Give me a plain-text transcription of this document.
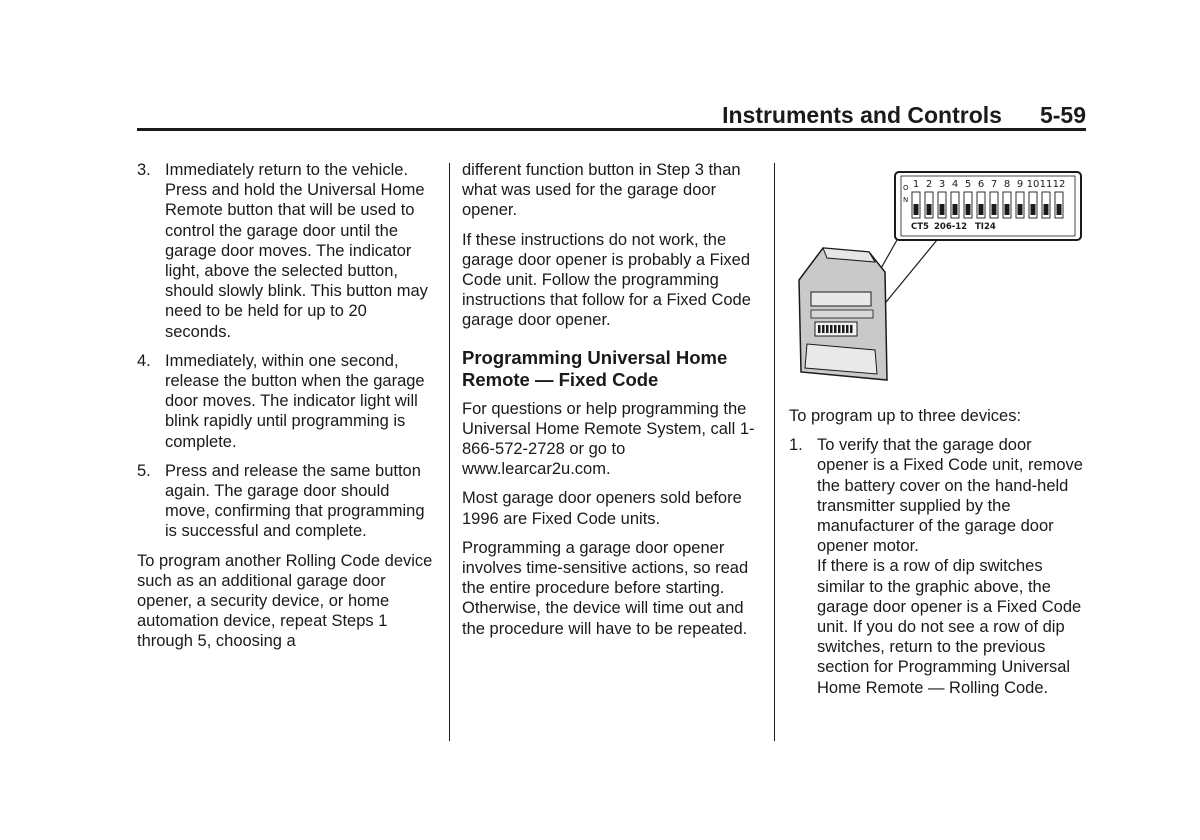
Instruments and Controls 5-59
3. Immediately return to the vehicle. Press and hold the Universal Home Remote button that will be used to control the garage door until the garage door moves. The indicator light, above the selected button, should slowly blink. This button may need to be held for up to 20 seconds.
4. Immediately, within one second, release the button when the garage door moves. The indicator light will blink rapidly until programming is complete.
5. Press and release the same button again. The garage door should move, confirming that programming is successful and complete.

To program another Rolling Code device such as an additional garage door opener, a security device, or home automation device, repeat Steps 1 through 5, choosing a

different function button in Step 3 than what was used for the garage door opener.

If these instructions do not work, the garage door opener is probably a Fixed Code unit. Follow the programming instructions that follow for a Fixed Code garage door opener.

Programming Universal Home Remote — Fixed Code

For questions or help programming the Universal Home Remote System, call 1-866-572-2728 or go to www.learcar2u.com.

Most garage door openers sold before 1996 are Fixed Code units.

Programming a garage door opener involves time-sensitive actions, so read the entire procedure before starting. Otherwise, the device will time out and the procedure will have to be repeated.

O
N
1 2 3 4 5 6 7 8 9 10 11 12
CT5 206-12 TI24

To program up to three devices:

1. To verify that the garage door opener is a Fixed Code unit, remove the battery cover on the hand-held transmitter supplied by the manufacturer of the garage door opener motor.
If there is a row of dip switches similar to the graphic above, the garage door opener is a Fixed Code unit. If you do not see a row of dip switches, return to the previous section for Programming Universal Home Remote — Rolling Code.
